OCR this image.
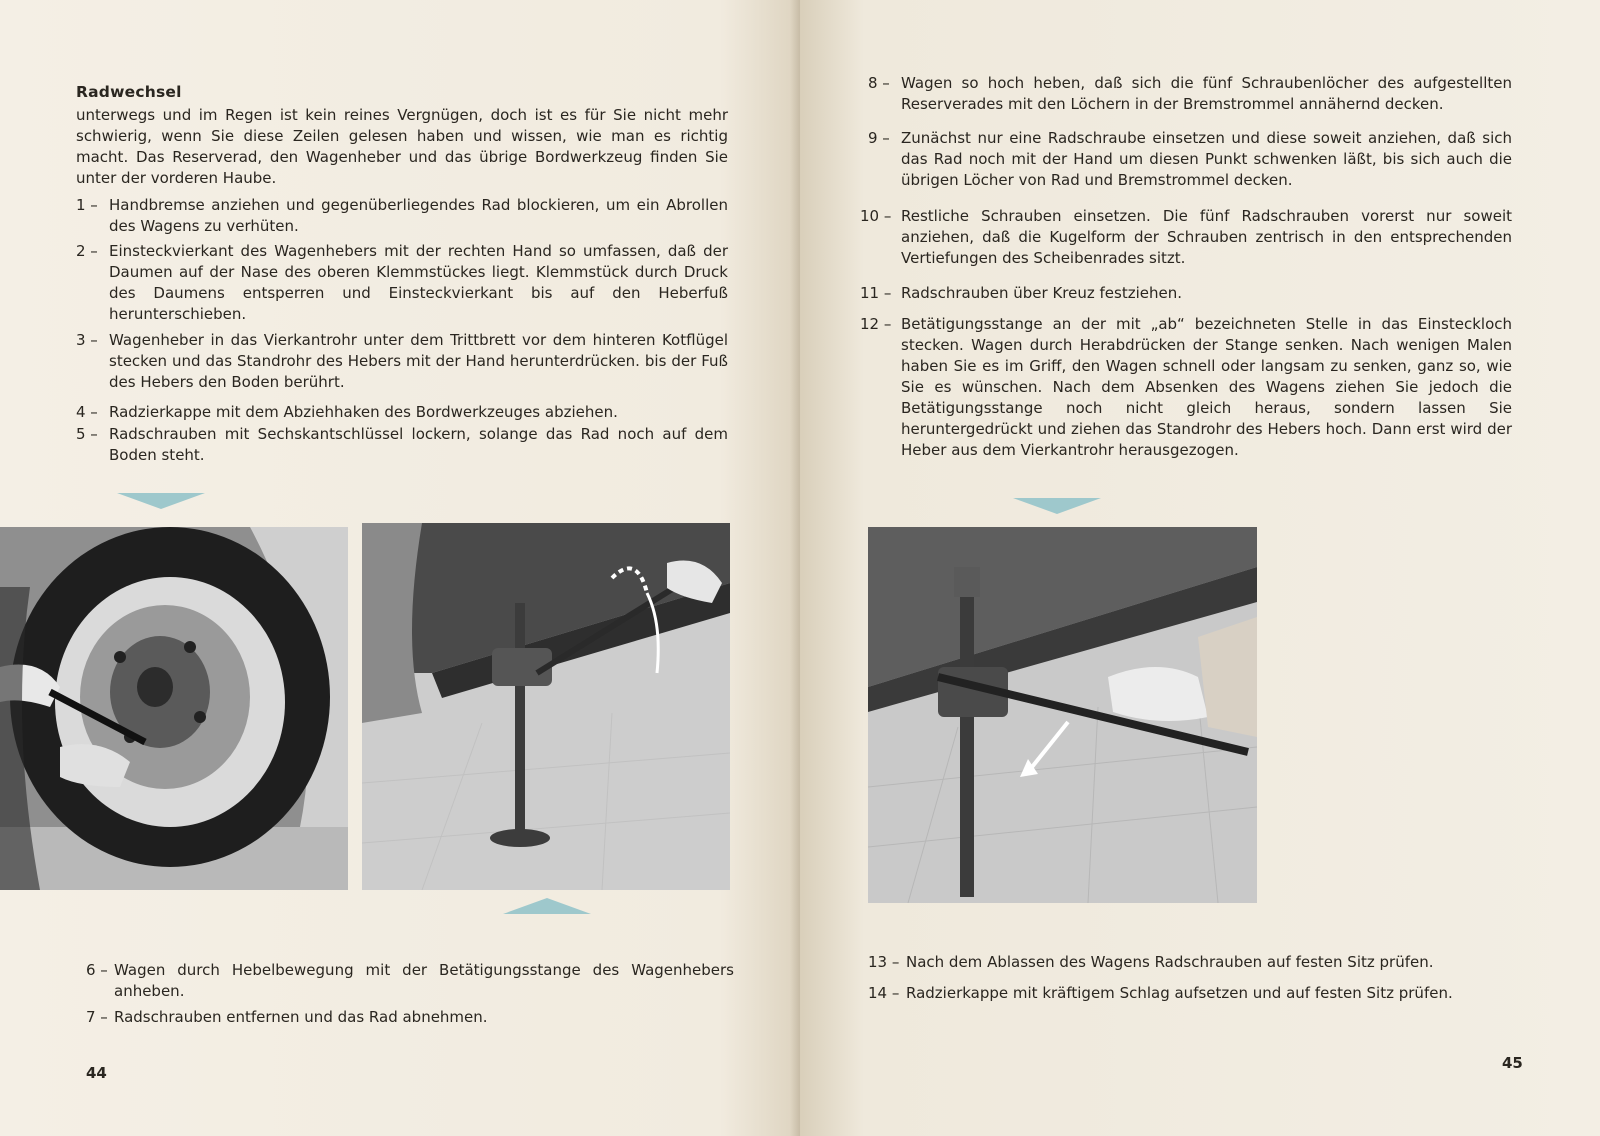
Radwechsel
unterwegs und im Regen ist kein reines Vergnügen, doch ist es für Sie nicht mehr schwierig, wenn Sie diese Zeilen gelesen haben und wissen, wie man es richtig macht. Das Reserverad, den Wagenheber und das übrige Bordwerkzeug finden Sie unter der vorderen Haube.
1 – Handbremse anziehen und gegenüberliegendes Rad blockieren, um ein Abrollen des Wagens zu verhüten.
2 – Einsteckvierkant des Wagenhebers mit der rechten Hand so umfassen, daß der Daumen auf der Nase des oberen Klemmstückes liegt. Klemmstück durch Druck des Daumens entsperren und Einsteckvierkant bis auf den Heberfuß herunterschieben.
3 – Wagenheber in das Vierkantrohr unter dem Trittbrett vor dem hinteren Kotflügel stecken und das Standrohr des Hebers mit der Hand herunterdrücken. bis der Fuß des Hebers den Boden berührt.
4 – Radzierkappe mit dem Abziehhaken des Bordwerkzeuges abziehen.
5 – Radschrauben mit Sechskantschlüssel lockern, solange das Rad noch auf dem Boden steht.
6 – Wagen durch Hebelbewegung mit der Betätigungsstange des Wagenhebers anheben.
7 – Radschrauben entfernen und das Rad abnehmen.
44
8 – Wagen so hoch heben, daß sich die fünf Schraubenlöcher des aufgestellten Reserverades mit den Löchern in der Bremstrommel annähernd decken.
9 – Zunächst nur eine Radschraube einsetzen und diese soweit anziehen, daß sich das Rad noch mit der Hand um diesen Punkt schwenken läßt, bis sich auch die übrigen Löcher von Rad und Bremstrommel decken.
10 – Restliche Schrauben einsetzen. Die fünf Radschrauben vorerst nur soweit anziehen, daß die Kugelform der Schrauben zentrisch in den entsprechenden Vertiefungen des Scheibenrades sitzt.
11 – Radschrauben über Kreuz festziehen.
12 – Betätigungsstange an der mit „ab“ bezeichneten Stelle in das Einsteckloch stecken. Wagen durch Herabdrücken der Stange senken. Nach wenigen Malen haben Sie es im Griff, den Wagen schnell oder langsam zu senken, ganz so, wie Sie es wünschen. Nach dem Absenken des Wagens ziehen Sie jedoch die Betätigungsstange noch nicht gleich heraus, sondern lassen Sie heruntergedrückt und ziehen das Standrohr des Hebers hoch. Dann erst wird der Heber aus dem Vierkantrohr herausgezogen.
13 – Nach dem Ablassen des Wagens Radschrauben auf festen Sitz prüfen.
14 – Radzierkappe mit kräftigem Schlag aufsetzen und auf festen Sitz prüfen.
45
